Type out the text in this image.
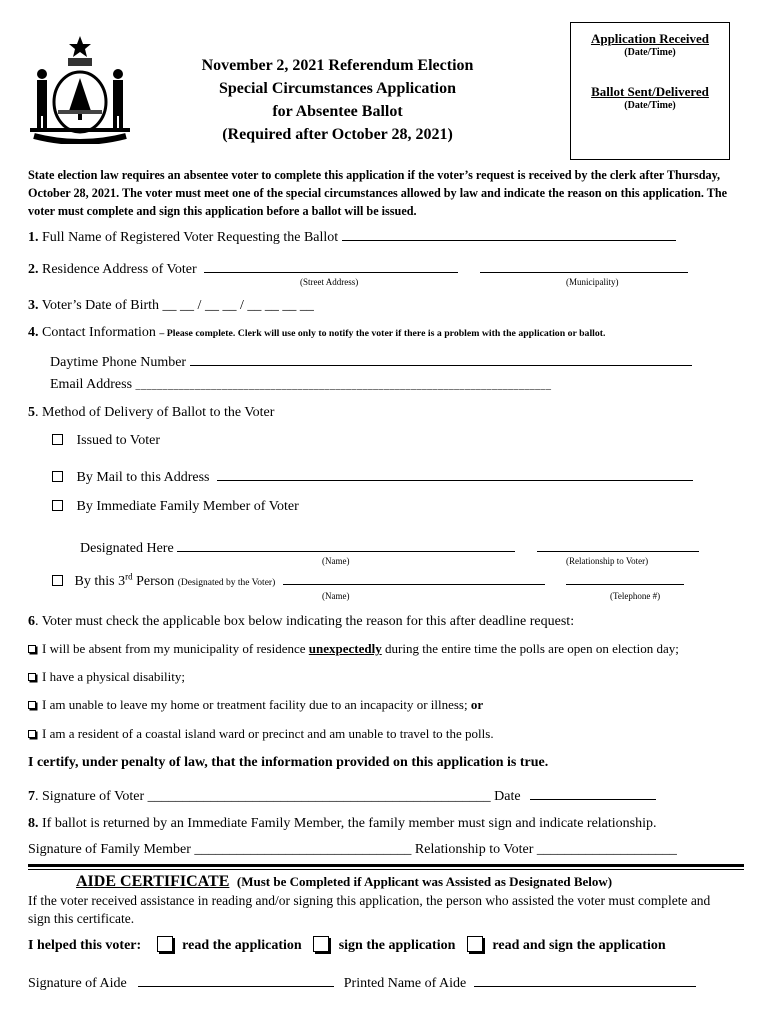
November 2, 2021 Referendum Election
Special Circumstances Application
for Absentee Ballot
(Required after October 28, 2021)
Application Received
(Date/Time)
Ballot Sent/Delivered
(Date/Time)
State election law requires an absentee voter to complete this application if the voter’s request is received by the clerk after Thursday, October 28, 2021. The voter must meet one of the special circumstances allowed by law and indicate the reason on this application. The voter must complete and sign this application before a ballot will be issued.
1. Full Name of Registered Voter Requesting the Ballot
2. Residence Address of Voter
(Street Address)	(Municipality)
3. Voter’s Date of Birth __ __ / __ __ / __ __ __ __
4. Contact Information – Please complete. Clerk will use only to notify the voter if there is a problem with the application or ballot.
Daytime Phone Number
Email Address _____________________________________________________________________________
5. Method of Delivery of Ballot to the Voter
Issued to Voter
By Mail to this Address
By Immediate Family Member of Voter
Designated Here
(Name)	(Relationship to Voter)
By this 3rd Person (Designated by the Voter)
(Name)	(Telephone #)
6. Voter must check the applicable box below indicating the reason for this after deadline request:
I will be absent from my municipality of residence unexpectedly during the entire time the polls are open on election day;
I have a physical disability;
I am unable to leave my home or treatment facility due to an incapacity or illness; or
I am a resident of a coastal island ward or precinct and am unable to travel to the polls.
I certify, under penalty of law, that the information provided on this application is true.
7. Signature of Voter _________________________________________________ Date
8. If ballot is returned by an Immediate Family Member, the family member must sign and indicate relationship.
Signature of Family Member _______________________________ Relationship to Voter ____________________
AIDE CERTIFICATE (Must be Completed if Applicant was Assisted as Designated Below)
If the voter received assistance in reading and/or signing this application, the person who assisted the voter must complete and sign this certificate.
I helped this voter:	read the application	sign the application	read and sign the application
Signature of Aide	Printed Name of Aide
